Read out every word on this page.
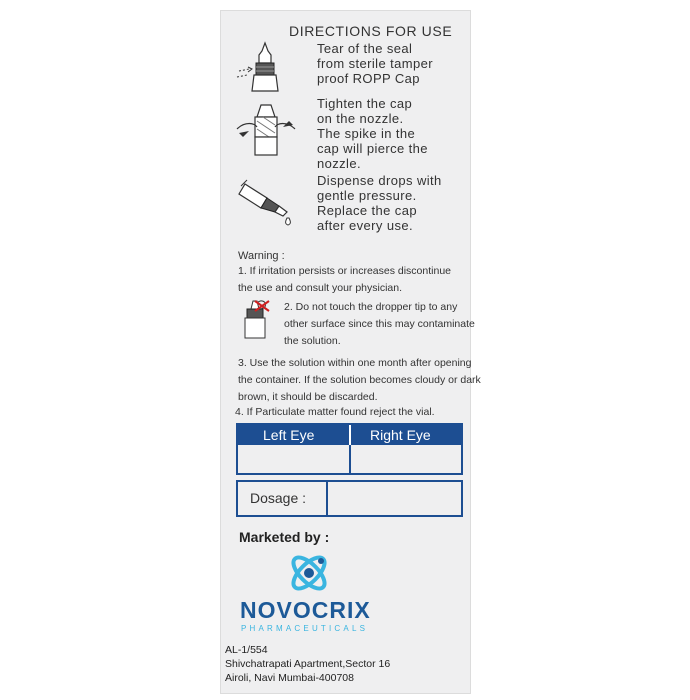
DIRECTIONS FOR USE
Tear of the seal
from sterile tamper
proof ROPP Cap
Tighten the cap
on the nozzle.
The spike in the
cap will pierce the
nozzle.
Dispense drops with
gentle pressure.
Replace the cap
after every use.
Warning :
1. If irritation persists or increases discontinue
the use and consult your physician.
2. Do not touch the dropper tip to any
other surface since this may contaminate
the solution.
3. Use the solution within one month after opening
the container. If the solution becomes cloudy or dark
brown, it should be discarded.
4. If Particulate matter found reject the vial.
Left Eye	Right Eye
Dosage :
Marketed by :
NOVOCRIX
PHARMACEUTICALS
AL-1/554
Shivchatrapati Apartment,Sector 16
Airoli, Navi Mumbai-400708
